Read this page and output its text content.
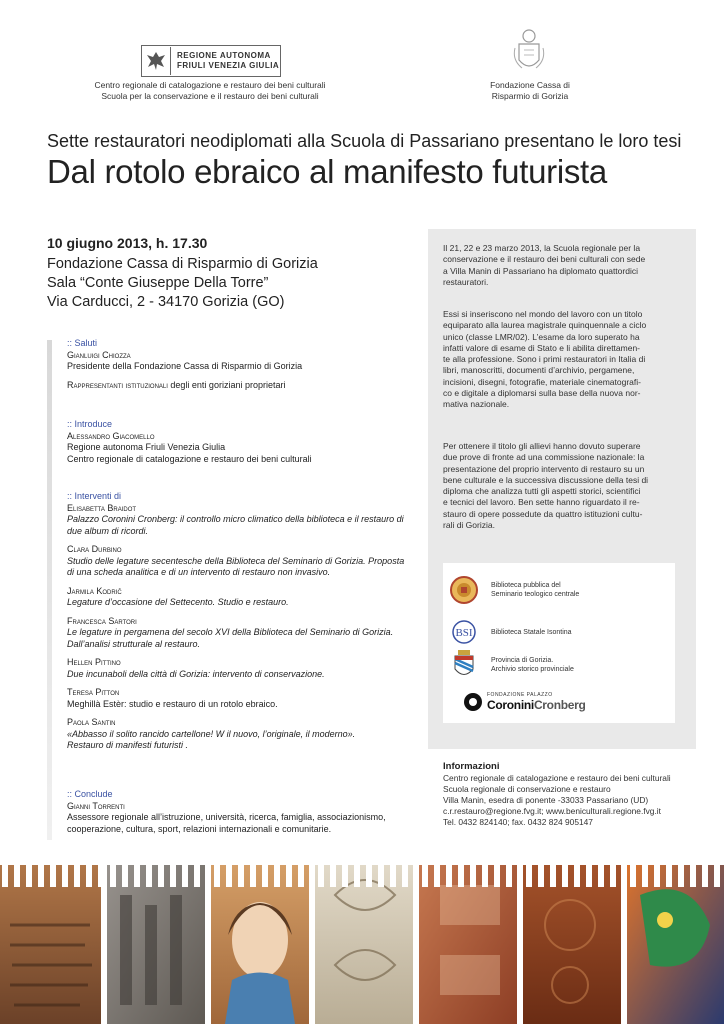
REGIONE AUTONOMA
FRIULI VENEZIA GIULIA
Centro regionale di catalogazione e restauro dei beni culturali
Scuola per la conservazione e il restauro dei beni culturali
Fondazione Cassa di
Risparmio di Gorizia
Sette restauratori neodiplomati alla Scuola di Passariano presentano le loro tesi
Dal rotolo ebraico al manifesto futurista
10 giugno 2013, h. 17.30
Fondazione Cassa di Risparmio di Gorizia
Sala “Conte Giuseppe Della Torre”
Via Carducci, 2 - 34170 Gorizia (GO)
:: Saluti
Gianluigi Chiozza
Presidente della Fondazione Cassa di Risparmio di Gorizia
Rappresentanti istituzionali degli enti goriziani proprietari
:: Introduce
Alessandro Giacomello
Regione autonoma Friuli Venezia Giulia
Centro regionale di catalogazione e restauro dei beni culturali
:: Interventi di
Elisabetta Braidot
Palazzo Coronini Cronberg: il controllo micro climatico della biblioteca e il restauro di
due album di ricordi.
Clara Durbino
Studio delle legature secentesche della Biblioteca del Seminario di Gorizia. Proposta
di una scheda analitica e di un intervento di restauro non invasivo.
Jarmila Kodrič
Legature d’occasione del Settecento. Studio e restauro.
Francesca Sartori
Le legature in pergamena del secolo XVI della Biblioteca del Seminario di Gorizia.
Dall’analisi strutturale al restauro.
Hellen Pittino
Due incunaboli della città di Gorizia: intervento di conservazione.
Teresa Pitton
Meghillà Estèr: studio e restauro di un rotolo ebraico.
Paola Santin
«Abbasso il solito rancido cartellone! W il nuovo, l’originale, il moderno».
Restauro di manifesti futuristi .
:: Conclude
Gianni Torrenti
Assessore regionale all’istruzione, università, ricerca, famiglia, associazionismo,
cooperazione, cultura, sport, relazioni internazionali e comunitarie.
Il 21, 22 e 23 marzo 2013, la Scuola regionale per la
conservazione e il restauro dei beni culturali con sede
a Villa Manin di Passariano ha diplomato quattordici
restauratori.
Essi si inseriscono nel mondo del lavoro con un titolo
equiparato alla laurea magistrale quinquennale a ciclo
unico (classe LMR/02). L’esame da loro superato ha
infatti valore di esame di Stato e li abilita direttamen-
te alla professione. Sono i primi restauratori in Italia di
libri, manoscritti, documenti d’archivio, pergamene,
incisioni, disegni, fotografie, materiale cinematografi-
co e digitale a diplomarsi sulla base della nuova nor-
mativa nazionale.
Per ottenere il titolo gli allievi hanno dovuto superare
due prove di fronte ad una commissione nazionale: la
presentazione del proprio intervento di restauro su un
bene culturale e la successiva discussione della tesi di
diploma che analizza tutti gli aspetti storici, scientifici
e tecnici del lavoro. Ben sette hanno riguardato il re-
stauro di opere possedute da quattro istituzioni cultu-
rali di Gorizia.
Biblioteca pubblica del
Seminario teologico centrale
BSI	Biblioteca Statale Isontina
Provincia di Gorizia.
Archivio storico provinciale
FONDAZIONE PALAZZO
CoroniniCronberg
Informazioni
Centro regionale di catalogazione e restauro dei beni culturali
Scuola regionale di conservazione e restauro
Villa Manin, esedra di ponente -33033 Passariano (UD)
c.r.restauro@regione.fvg.it; www.beniculturali.regione.fvg.it
Tel. 0432 824140; fax. 0432 824 905147
